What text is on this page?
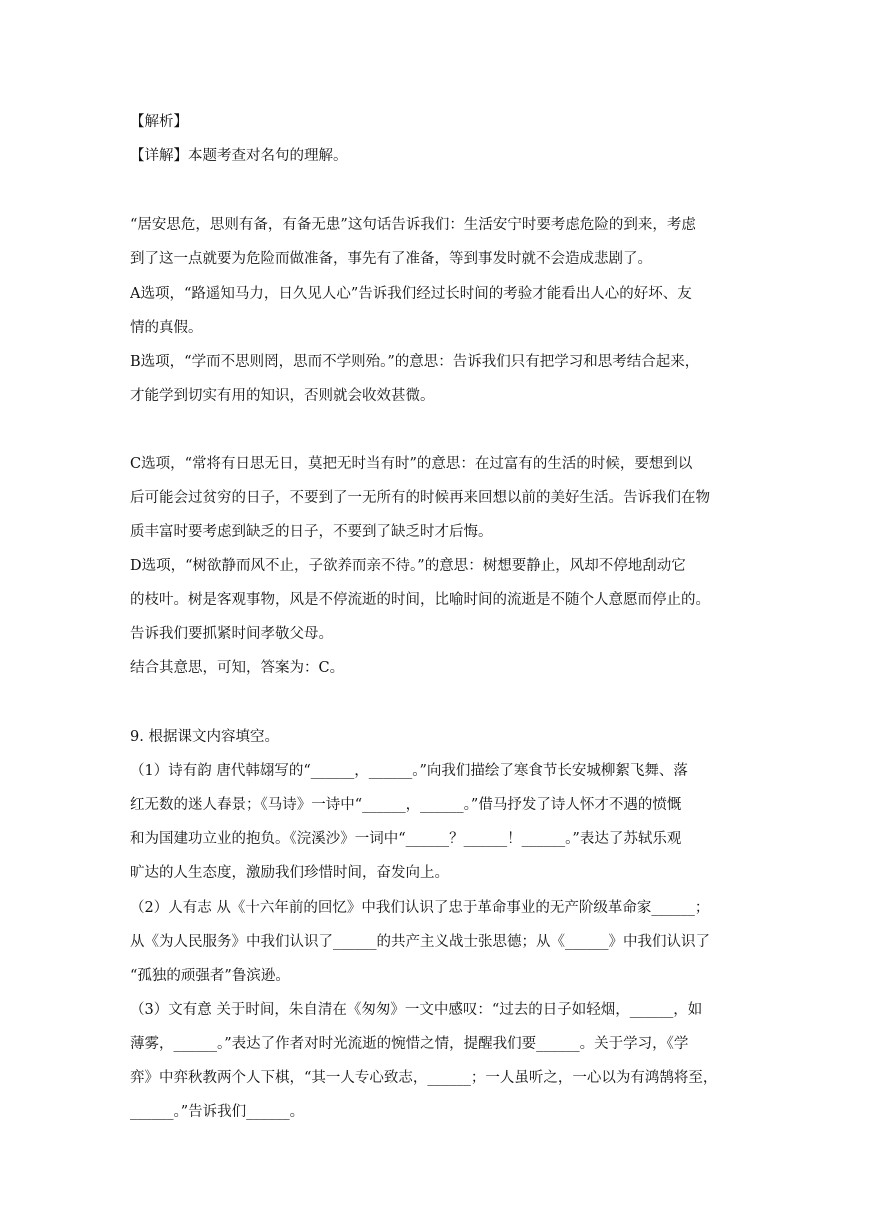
【解析】
【详解】本题考查对名句的理解。
“居安思危，思则有备，有备无患”这句话告诉我们：生活安宁时要考虑危险的到来，考虑
到了这一点就要为危险而做准备，事先有了准备，等到事发时就不会造成悲剧了。
A选项，“路遥知马力，日久见人心”告诉我们经过长时间的考验才能看出人心的好坏、友
情的真假。
B选项，“学而不思则罔，思而不学则殆。”的意思：告诉我们只有把学习和思考结合起来，
才能学到切实有用的知识，否则就会收效甚微。
C选项，“常将有日思无日，莫把无时当有时”的意思：在过富有的生活的时候，要想到以
后可能会过贫穷的日子，不要到了一无所有的时候再来回想以前的美好生活。告诉我们在物
质丰富时要考虑到缺乏的日子，不要到了缺乏时才后悔。
D选项，“树欲静而风不止，子欲养而亲不待。”的意思：树想要静止，风却不停地刮动它
的枝叶。树是客观事物，风是不停流逝的时间，比喻时间的流逝是不随个人意愿而停止的。
告诉我们要抓紧时间孝敬父母。
结合其意思，可知，答案为：C。
9. 根据课文内容填空。
（1）诗有韵 唐代韩翃写的“______，______。”向我们描绘了寒食节长安城柳絮飞舞、落
红无数的迷人春景；《马诗》一诗中“______，______。”借马抒发了诗人怀才不遇的愤慨
和为国建功立业的抱负。《浣溪沙》一词中“______？______！______。”表达了苏轼乐观
旷达的人生态度，激励我们珍惜时间，奋发向上。
（2）人有志 从《十六年前的回忆》中我们认识了忠于革命事业的无产阶级革命家______；
从《为人民服务》中我们认识了______的共产主义战士张思德；从《______》中我们认识了
“孤独的顽强者”鲁滨逊。
（3）文有意 关于时间，朱自清在《匆匆》一文中感叹：“过去的日子如轻烟，______，如
薄雾，______。”表达了作者对时光流逝的惋惜之情，提醒我们要______。关于学习，《学
弈》中弈秋教两个人下棋，“其一人专心致志，______；一人虽听之，一心以为有鸿鹄将至，
______。”告诉我们______。
